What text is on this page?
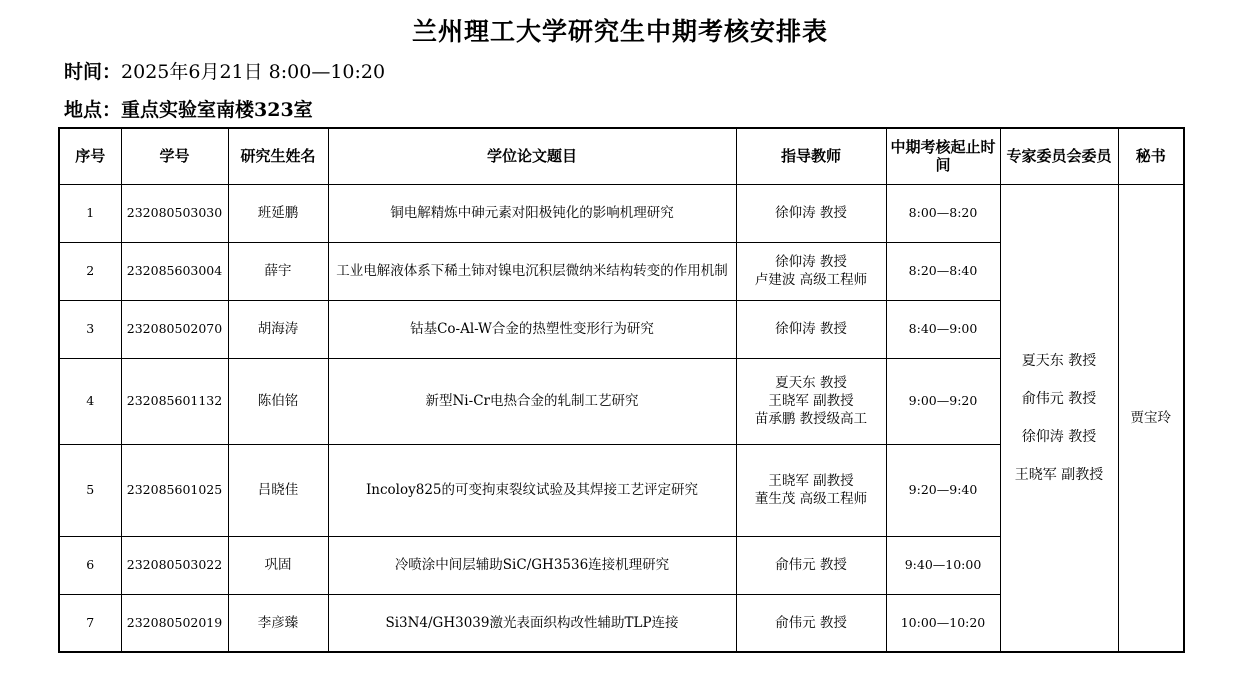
兰州理工大学研究生中期考核安排表
时间：2025年6月21日 8:00—10:20
地点：重点实验室南楼323室
序号	学号	研究生姓名	学位论文题目	指导教师	中期考核起止时间	专家委员会委员	秘书
1	232080503030	班延鹏	铜电解精炼中砷元素对阳极钝化的影响机理研究	徐仰涛 教授	8:00—8:20	夏天东 教授
俞伟元 教授
徐仰涛 教授
王晓军 副教授	贾宝玲
2	232085603004	薛宇	工业电解液体系下稀土铈对镍电沉积层微纳米结构转变的作用机制	徐仰涛 教授
卢建波 高级工程师	8:20—8:40		
3	232080502070	胡海涛	钴基Co-Al-W合金的热塑性变形行为研究	徐仰涛 教授	8:40—9:00		
4	232085601132	陈伯铭	新型Ni-Cr电热合金的轧制工艺研究	夏天东 教授
王晓军 副教授
苗承鹏 教授级高工	9:00—9:20		
5	232085601025	吕晓佳	Incoloy825的可变拘束裂纹试验及其焊接工艺评定研究	王晓军 副教授
董生茂 高级工程师	9:20—9:40		
6	232080503022	巩固	冷喷涂中间层辅助SiC/GH3536连接机理研究	俞伟元 教授	9:40—10:00		
7	232080502019	李彦臻	Si3N4/GH3039激光表面织构改性辅助TLP连接	俞伟元 教授	10:00—10:20		
